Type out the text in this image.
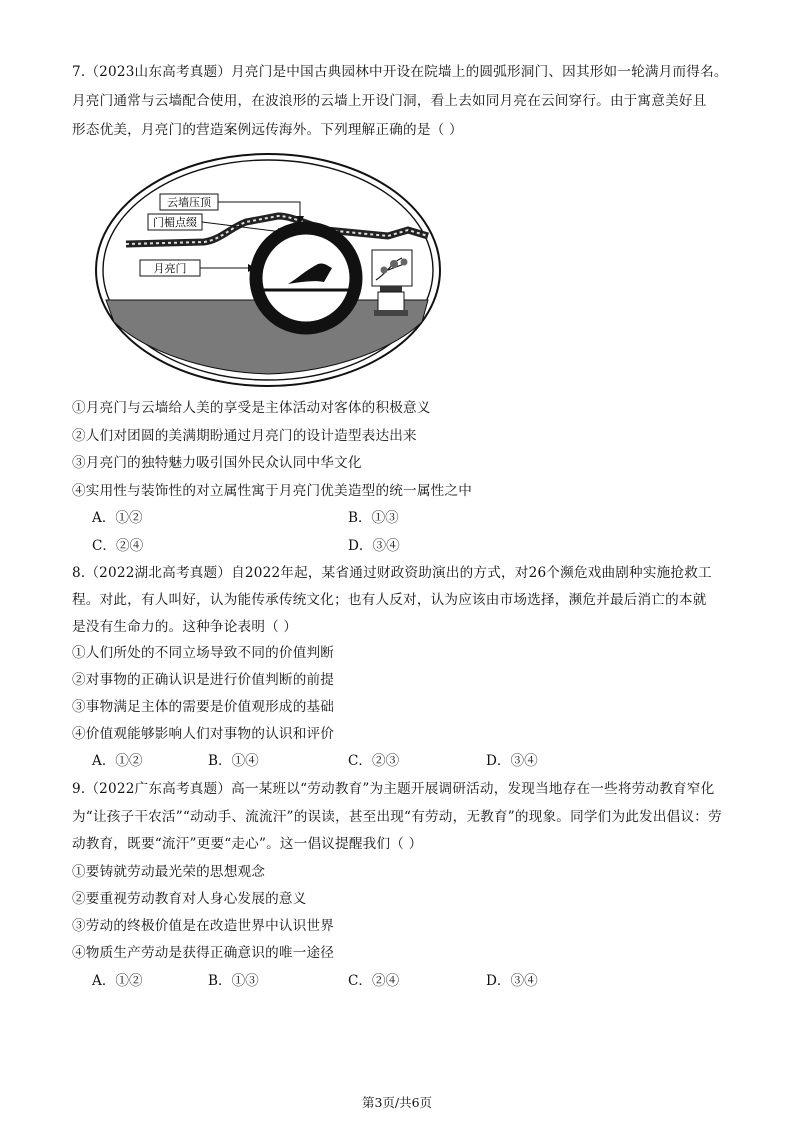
7.（2023山东高考真题）月亮门是中国古典园林中开设在院墙上的圆弧形洞门、因其形如一轮满月而得名。
月亮门通常与云墙配合使用，在波浪形的云墙上开设门洞，看上去如同月亮在云间穿行。由于寓意美好且
形态优美，月亮门的营造案例远传海外。下列理解正确的是（ ）
云墙压顶
门楣点缀
月亮门
①月亮门与云墙给人美的享受是主体活动对客体的积极意义
②人们对团圆的美满期盼通过月亮门的设计造型表达出来
③月亮门的独特魅力吸引国外民众认同中华文化
④实用性与装饰性的对立属性寓于月亮门优美造型的统一属性之中
A．①②	B．①③
C．②④	D．③④
8.（2022湖北高考真题）自2022年起，某省通过财政资助演出的方式，对26个濒危戏曲剧种实施抢救工
程。对此，有人叫好，认为能传承传统文化；也有人反对，认为应该由市场选择，濒危并最后消亡的本就
是没有生命力的。这种争论表明（ ）
①人们所处的不同立场导致不同的价值判断
②对事物的正确认识是进行价值判断的前提
③事物满足主体的需要是价值观形成的基础
④价值观能够影响人们对事物的认识和评价
A．①②	B．①④	C．②③	D．③④
9.（2022广东高考真题）高一某班以“劳动教育”为主题开展调研活动，发现当地存在一些将劳动教育窄化
为“让孩子干农活”“动动手、流流汗”的误读，甚至出现“有劳动，无教育”的现象。同学们为此发出倡议：劳
动教育，既要“流汗”更要“走心”。这一倡议提醒我们（ ）
①要铸就劳动最光荣的思想观念
②要重视劳动教育对人身心发展的意义
③劳动的终极价值是在改造世界中认识世界
④物质生产劳动是获得正确意识的唯一途径
A．①②	B．①③	C．②④	D．③④
第3页/共6页
